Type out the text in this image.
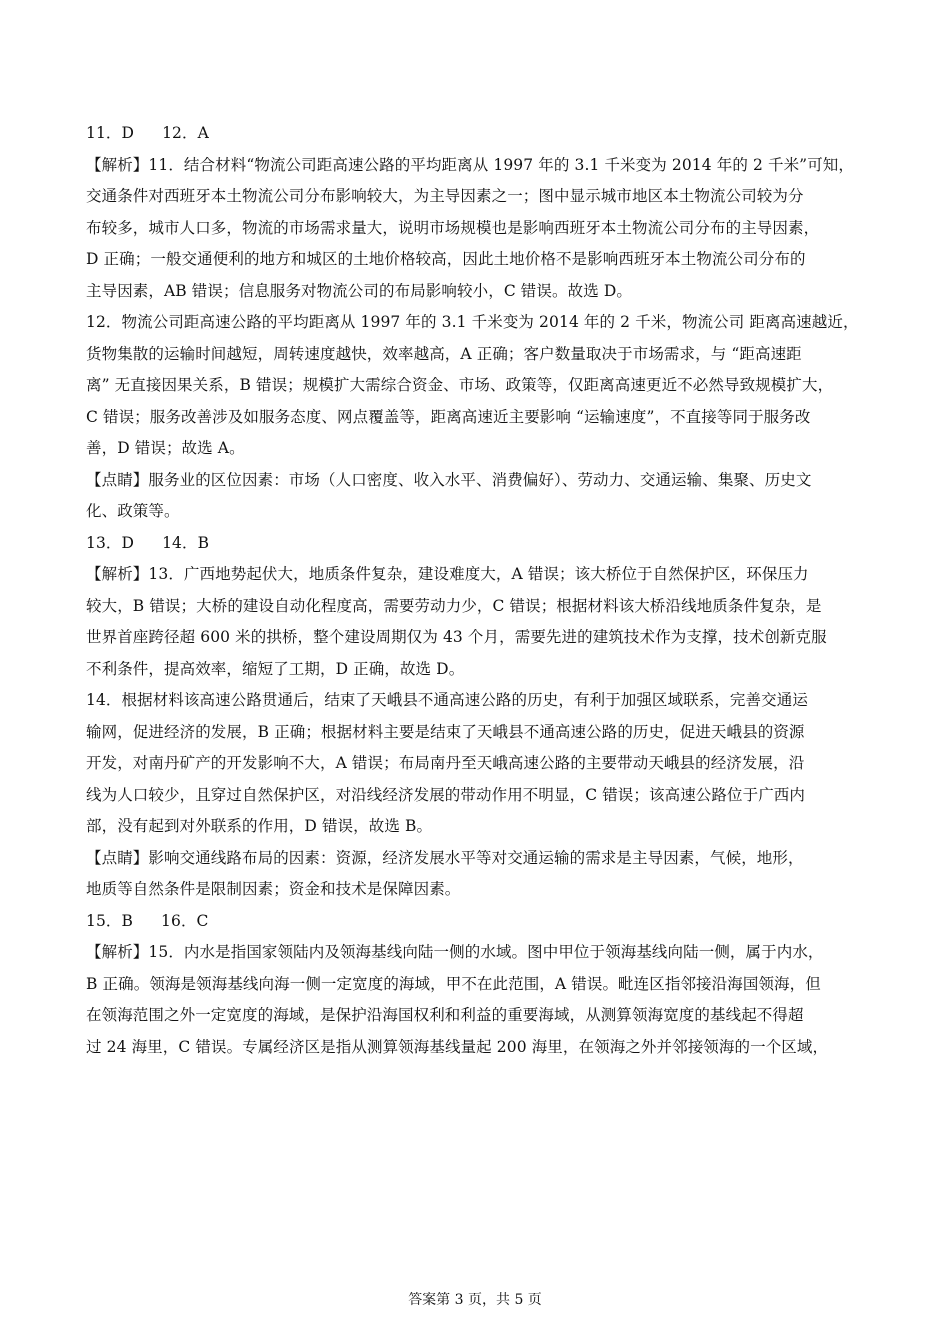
11．D 12．A
【解析】11．结合材料“物流公司距高速公路的平均距离从 1997 年的 3.1 千米变为 2014 年的 2 千米”可知，
交通条件对西班牙本土物流公司分布影响较大，为主导因素之一；图中显示城市地区本土物流公司较为分
布较多，城市人口多，物流的市场需求量大，说明市场规模也是影响西班牙本土物流公司分布的主导因素，
D 正确；一般交通便利的地方和城区的土地价格较高，因此土地价格不是影响西班牙本土物流公司分布的
主导因素，AB 错误；信息服务对物流公司的布局影响较小，C 错误。故选 D。
12．物流公司距高速公路的平均距离从 1997 年的 3.1 千米变为 2014 年的 2 千米，物流公司 距离高速越近，
货物集散的运输时间越短，周转速度越快，效率越高，A 正确；客户数量取决于市场需求，与 “距高速距
离” 无直接因果关系，B 错误；规模扩大需综合资金、市场、政策等，仅距离高速更近不必然导致规模扩大，
C 错误；服务改善涉及如服务态度、网点覆盖等，距离高速近主要影响 “运输速度”，不直接等同于服务改
善，D 错误；故选 A。
【点睛】服务业的区位因素：市场（人口密度、收入水平、消费偏好）、劳动力、交通运输、集聚、历史文
化、政策等。
13．D 14．B
【解析】13．广西地势起伏大，地质条件复杂，建设难度大，A 错误；该大桥位于自然保护区，环保压力
较大，B 错误；大桥的建设自动化程度高，需要劳动力少，C 错误；根据材料该大桥沿线地质条件复杂，是
世界首座跨径超 600 米的拱桥，整个建设周期仅为 43 个月，需要先进的建筑技术作为支撑，技术创新克服
不利条件，提高效率，缩短了工期，D 正确，故选 D。
14．根据材料该高速公路贯通后，结束了天峨县不通高速公路的历史，有利于加强区域联系，完善交通运
输网，促进经济的发展，B 正确；根据材料主要是结束了天峨县不通高速公路的历史，促进天峨县的资源
开发，对南丹矿产的开发影响不大，A 错误；布局南丹至天峨高速公路的主要带动天峨县的经济发展，沿
线为人口较少，且穿过自然保护区，对沿线经济发展的带动作用不明显，C 错误；该高速公路位于广西内
部，没有起到对外联系的作用，D 错误，故选 B。
【点睛】影响交通线路布局的因素：资源，经济发展水平等对交通运输的需求是主导因素，气候，地形，
地质等自然条件是限制因素；资金和技术是保障因素。
15．B 16．C
【解析】15．内水是指国家领陆内及领海基线向陆一侧的水域。图中甲位于领海基线向陆一侧，属于内水，
B 正确。领海是领海基线向海一侧一定宽度的海域，甲不在此范围，A 错误。毗连区指邻接沿海国领海，但
在领海范围之外一定宽度的海域，是保护沿海国权利和利益的重要海域，从测算领海宽度的基线起不得超
过 24 海里，C 错误。专属经济区是指从测算领海基线量起 200 海里，在领海之外并邻接领海的一个区域，
答案第 3 页，共 5 页
